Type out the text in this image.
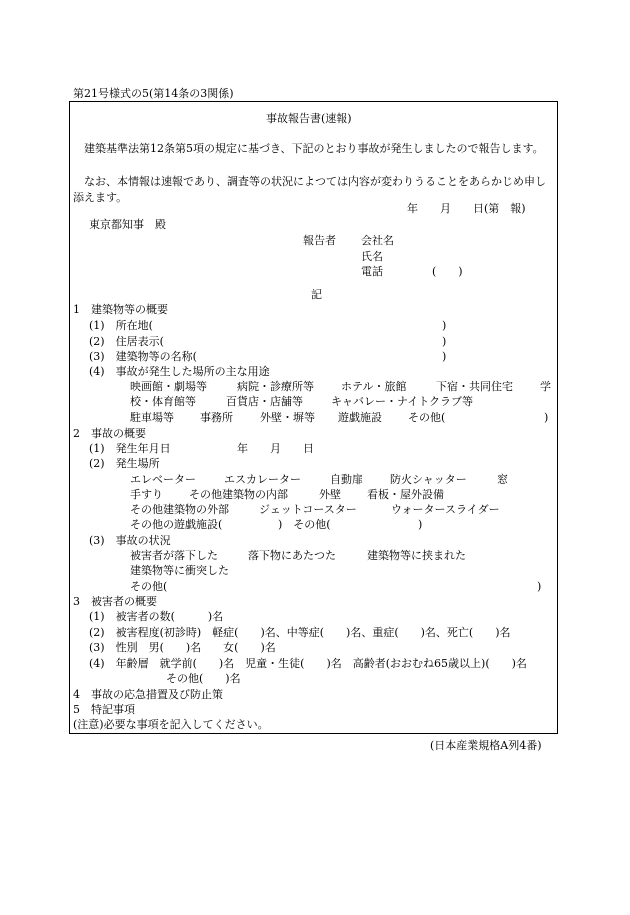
第21号様式の5(第14条の3関係)
事故報告書(速報)
建築基準法第12条第5項の規定に基づき、下記のとおり事故が発生しましたので報告します。
なお、本情報は速報であり、調査等の状況によつては内容が変わりうることをあらかじめ申し添えます。
年　　月　　日(第　報)
東京都知事　殿
報告者 会社名
氏名
電話	(　　)
記
1　建築物等の概要
(1)　所在地(	)
(2)　住居表示(	)
(3)　建築物等の名称(	)
(4)　事故が発生した場所の主な用途
映画館・劇場等	病院・診療所等 ホテル・旅館	下宿・共同住宅 学
校・体育館等	百貨店・店舗等	キャバレー・ナイトクラブ等
駐車場等 事務所 外壁・塀等 遊戯施設 その他(	)
2　事故の概要
(1)　発生年月日	年　　月　　日
(2)　発生場所
エレベーター	エスカレーター	自動扉 防火シャッター	窓
手すり その他建築物の内部	外壁 看板・屋外設備
その他建築物の外部	ジェットコースター	ウォータースライダー
その他の遊戯施設(	)　その他(	)
(3)　事故の状況
被害者が落下した	落下物にあたつた	建築物等に挟まれた
建築物等に衝突した
その他(	)
3　被害者の概要
(1)　被害者の数(　　　)名
(2)　被害程度(初診時)　軽症(　　)名、中等症(　　)名、重症(　　)名、死亡(　　)名
(3)　性別　男(　　)名　　女(　　)名
(4)　年齢層　就学前(　　)名　児童・生徒(　　)名　高齢者(おおむね65歳以上)(　　)名
その他(　　)名
4　事故の応急措置及び防止策
5　特記事項
(注意)必要な事項を記入してください。
(日本産業規格A列4番)
